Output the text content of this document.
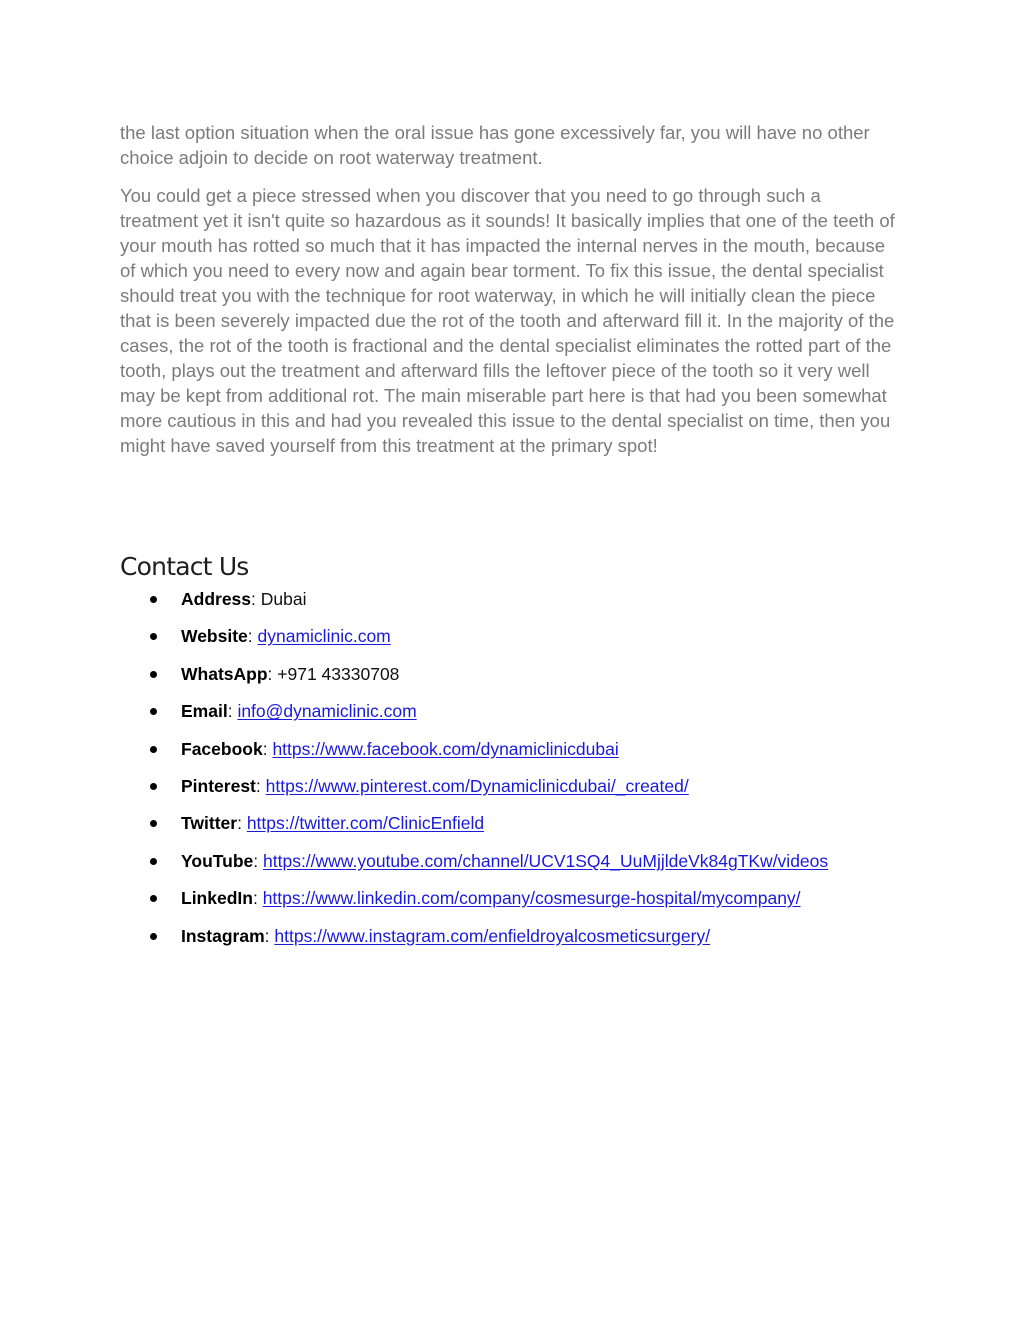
the last option situation when the oral issue has gone excessively far, you will have no other choice adjoin to decide on root waterway treatment.

You could get a piece stressed when you discover that you need to go through such a treatment yet it isn't quite so hazardous as it sounds! It basically implies that one of the teeth of your mouth has rotted so much that it has impacted the internal nerves in the mouth, because of which you need to every now and again bear torment. To fix this issue, the dental specialist should treat you with the technique for root waterway, in which he will initially clean the piece that is been severely impacted due the rot of the tooth and afterward fill it. In the majority of the cases, the rot of the tooth is fractional and the dental specialist eliminates the rotted part of the tooth, plays out the treatment and afterward fills the leftover piece of the tooth so it very well may be kept from additional rot. The main miserable part here is that had you been somewhat more cautious in this and had you revealed this issue to the dental specialist on time, then you might have saved yourself from this treatment at the primary spot!

Contact Us
Address: Dubai
Website: dynamiclinic.com
WhatsApp: +971 43330708
Email: info@dynamiclinic.com
Facebook: https://www.facebook.com/dynamiclinicdubai
Pinterest: https://www.pinterest.com/Dynamiclinicdubai/_created/
Twitter: https://twitter.com/ClinicEnfield
YouTube: https://www.youtube.com/channel/UCV1SQ4_UuMjjldeVk84gTKw/videos
LinkedIn: https://www.linkedin.com/company/cosmesurge-hospital/mycompany/
Instagram: https://www.instagram.com/enfieldroyalcosmeticsurgery/
